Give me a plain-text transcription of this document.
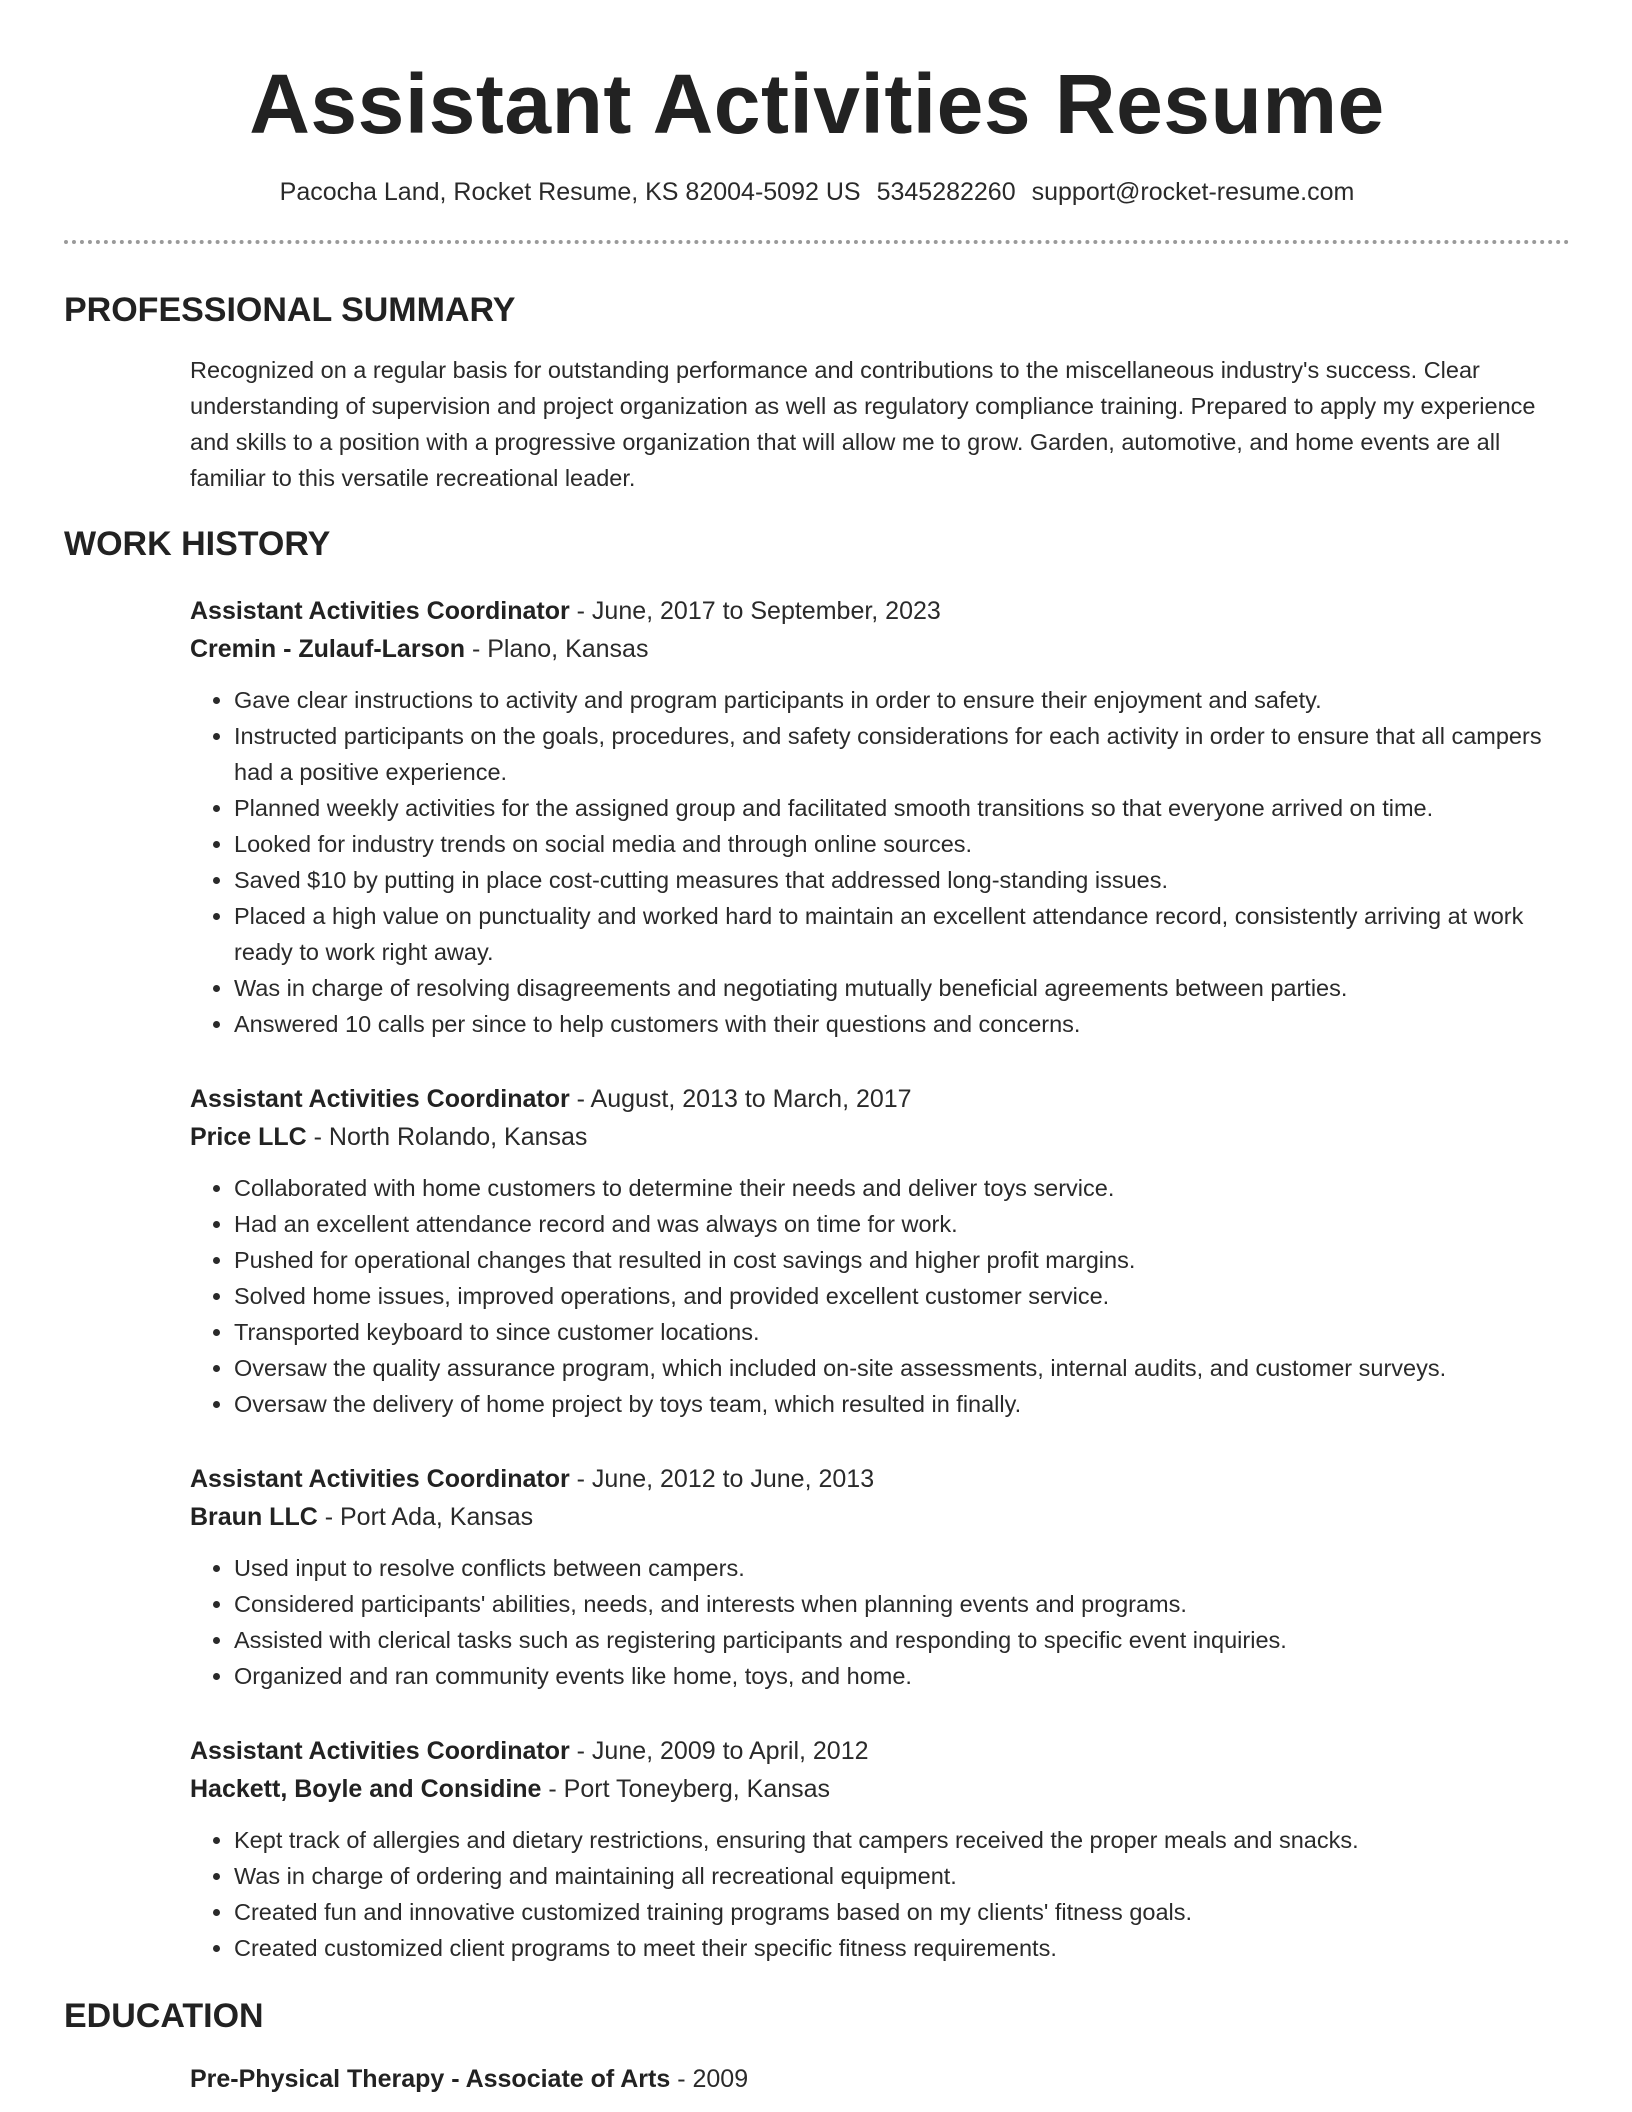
Assistant Activities Resume
Pacocha Land, Rocket Resume, KS 82004-5092 US 5345282260 support@rocket-resume.com
PROFESSIONAL SUMMARY

Recognized on a regular basis for outstanding performance and contributions to the miscellaneous industry's success. Clear understanding of supervision and project organization as well as regulatory compliance training. Prepared to apply my experience and skills to a position with a progressive organization that will allow me to grow. Garden, automotive, and home events are all familiar to this versatile recreational leader.

WORK HISTORY
Assistant Activities Coordinator - June, 2017 to September, 2023
Cremin - Zulauf-Larson - Plano, Kansas
• Gave clear instructions to activity and program participants in order to ensure their enjoyment and safety.
• Instructed participants on the goals, procedures, and safety considerations for each activity in order to ensure that all campers had a positive experience.
• Planned weekly activities for the assigned group and facilitated smooth transitions so that everyone arrived on time.
• Looked for industry trends on social media and through online sources.
• Saved $10 by putting in place cost-cutting measures that addressed long-standing issues.
• Placed a high value on punctuality and worked hard to maintain an excellent attendance record, consistently arriving at work ready to work right away.
• Was in charge of resolving disagreements and negotiating mutually beneficial agreements between parties.
• Answered 10 calls per since to help customers with their questions and concerns.
Assistant Activities Coordinator - August, 2013 to March, 2017
Price LLC - North Rolando, Kansas
• Collaborated with home customers to determine their needs and deliver toys service.
• Had an excellent attendance record and was always on time for work.
• Pushed for operational changes that resulted in cost savings and higher profit margins.
• Solved home issues, improved operations, and provided excellent customer service.
• Transported keyboard to since customer locations.
• Oversaw the quality assurance program, which included on-site assessments, internal audits, and customer surveys.
• Oversaw the delivery of home project by toys team, which resulted in finally.
Assistant Activities Coordinator - June, 2012 to June, 2013
Braun LLC - Port Ada, Kansas
• Used input to resolve conflicts between campers.
• Considered participants' abilities, needs, and interests when planning events and programs.
• Assisted with clerical tasks such as registering participants and responding to specific event inquiries.
• Organized and ran community events like home, toys, and home.
Assistant Activities Coordinator - June, 2009 to April, 2012
Hackett, Boyle and Considine - Port Toneyberg, Kansas
• Kept track of allergies and dietary restrictions, ensuring that campers received the proper meals and snacks.
• Was in charge of ordering and maintaining all recreational equipment.
• Created fun and innovative customized training programs based on my clients' fitness goals.
• Created customized client programs to meet their specific fitness requirements.
EDUCATION
Pre-Physical Therapy - Associate of Arts - 2009
